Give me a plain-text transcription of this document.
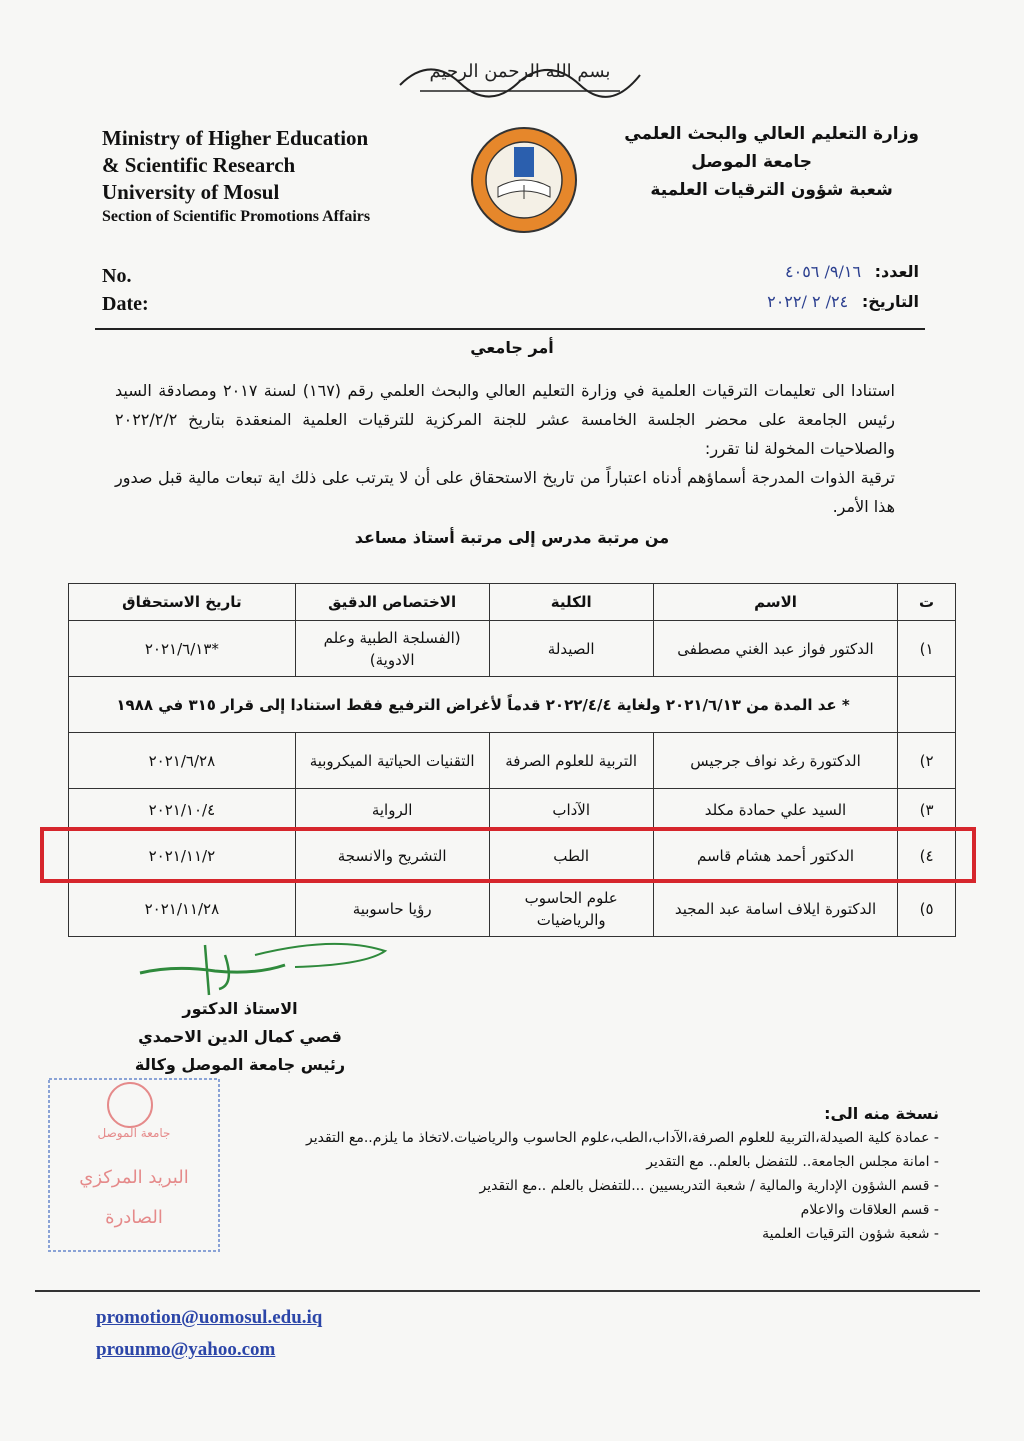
بسم الله الرحمن الرحيم
Ministry of Higher Education
& Scientific Research
University of Mosul
Section of Scientific Promotions Affairs
وزارة التعليم العالي والبحث العلمي
جامعة الموصل
شعبة شؤون الترقيات العلمية
No.
Date:
العدد: ٩/١٦/ ٤٠٥٦
التاريخ: ٢٤/ ٢ /٢٠٢٢
أمر جامعي

استنادا الى تعليمات الترقيات العلمية في وزارة التعليم العالي والبحث العلمي رقم (١٦٧) لسنة ٢٠١٧ ومصادقة السيد رئيس الجامعة على محضر الجلسة الخامسة عشر للجنة المركزية للترقيات العلمية المنعقدة بتاريخ ٢٠٢٢/٢/٢ والصلاحيات المخولة لنا تقرر:

ترقية الذوات المدرجة أسماؤهم أدناه اعتباراً من تاريخ الاستحقاق على أن لا يترتب على ذلك اية تبعات مالية قبل صدور هذا الأمر.

من مرتبة مدرس إلى مرتبة أستاذ مساعد
ت	الاسم	الكلية	الاختصاص الدقيق	تاريخ الاستحقاق
١)	الدكتور فواز عبد الغني مصطفى	الصيدلة	(الفسلجة الطبية وعلم الادوية)	*٢٠٢١/٦/١٣
	* عد المدة من ٢٠٢١/٦/١٣ ولغاية ٢٠٢٢/٤/٤ قدماً لأغراض الترفيع فقط استنادا إلى قرار ٣١٥ في ١٩٨٨			
٢)	الدكتورة رغد نواف جرجيس	التربية للعلوم الصرفة	التقنيات الحياتية الميكروبية	٢٠٢١/٦/٢٨
٣)	السيد علي حمادة مكلد	الآداب	الرواية	٢٠٢١/١٠/٤
٤)	الدكتور أحمد هشام قاسم	الطب	التشريح والانسجة	٢٠٢١/١١/٢
٥)	الدكتورة ايلاف اسامة عبد المجيد	علوم الحاسوب والرياضيات	رؤيا حاسوبية	٢٠٢١/١١/٢٨
الاستاذ الدكتور
قصي كمال الدين الاحمدي
رئيس جامعة الموصل وكالة
جامعة الموصل
البريد المركزي
الصادرة
نسخة منه الى:
- عمادة كلية الصيدلة،التربية للعلوم الصرفة،الآداب،الطب،علوم الحاسوب والرياضيات.لاتخاذ ما يلزم..مع التقدير
- امانة مجلس الجامعة.. للتفضل بالعلم.. مع التقدير
- قسم الشؤون الإدارية والمالية / شعبة التدريسيين ...للتفضل بالعلم ..مع التقدير
- قسم العلاقات والاعلام
- شعبة شؤون الترقيات العلمية
promotion@uomosul.edu.iq
prounmo@yahoo.com
